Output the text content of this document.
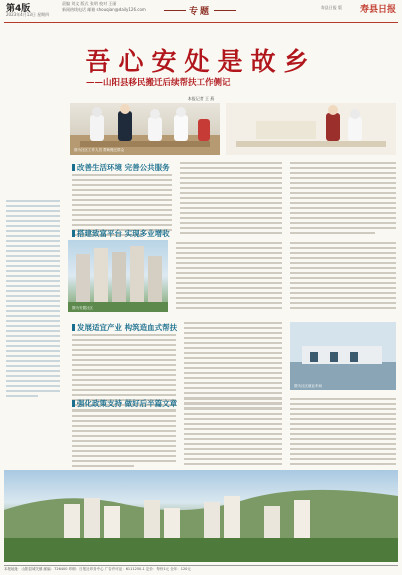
第4版
2023年4月13日 星期四
责编 刘文 版式 张明 校对 王丽
新闻热线电话 邮箱 shouqian@daily126.com	专题	寿县日报 版 寿县日报
吾心安处是故乡
——山阳县移民搬迁后续帮扶工作侧记
本报记者 王 燕
图为社区工作人员 帮助搬迁群众
改善生活环境 完善公共服务
图为安置社区
搭建致富平台 实现多业增收
发展适宜产业 构筑造血式帮扶
图为社区就业车间
强化政策支持 做好后半篇文章
本报地址：山阳县城关镇 邮编：726400 印刷：日报社印务中心 广告许可证：6111250-1 定价：每份1元 全年：120元
